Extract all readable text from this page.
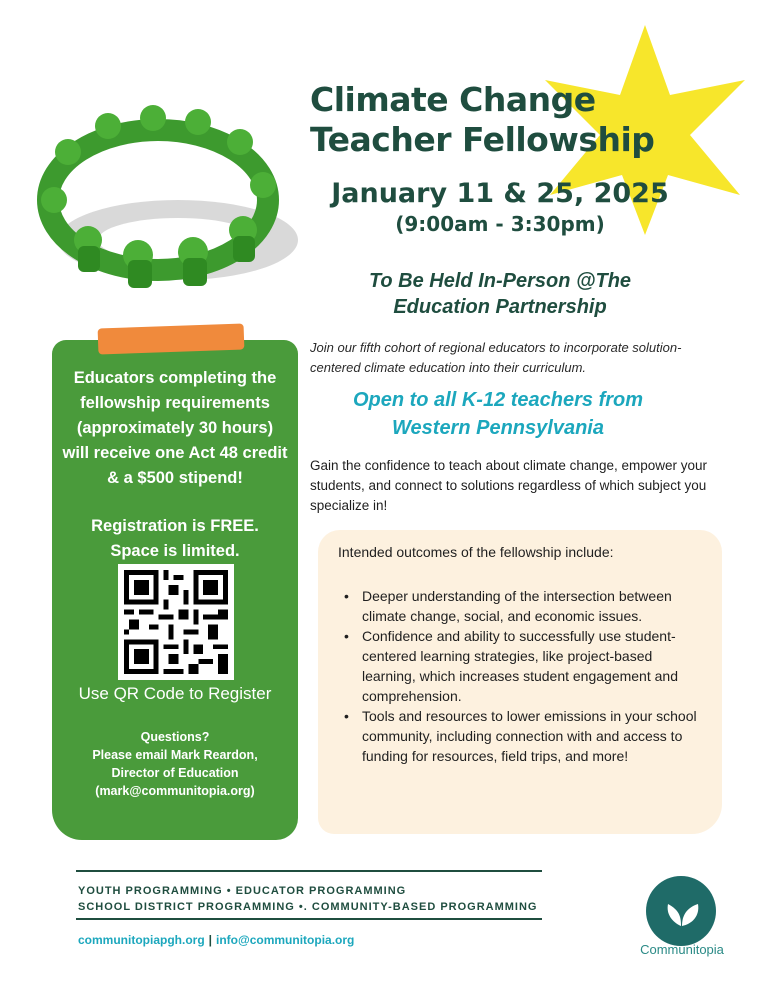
Climate Change
Teacher Fellowship
January 11 & 25, 2025
(9:00am - 3:30pm)
To Be Held In-Person @The
Education Partnership
Educators completing the fellowship requirements (approximately 30 hours) will receive one Act 48 credit & a $500 stipend!
Registration is FREE.
Space is limited.
Use QR Code to Register
Questions?
Please email Mark Reardon,
Director of Education
(mark@communitopia.org)
Join our fifth cohort of regional educators to incorporate solution-centered climate education into their curriculum.
Open to all K-12 teachers from
Western Pennsylvania
Gain the confidence to teach about climate change, empower your students, and connect to solutions regardless of which subject you specialize in!
Intended outcomes of the fellowship include:
• Deeper understanding of the intersection between climate change, social, and economic issues.
• Confidence and ability to successfully use student-centered learning strategies, like project-based learning, which increases student engagement and comprehension.
• Tools and resources to lower emissions in your school community, including connection with and access to funding for resources, field trips, and more!
YOUTH PROGRAMMING • EDUCATOR PROGRAMMING
SCHOOL DISTRICT PROGRAMMING •. COMMUNITY-BASED PROGRAMMING
communitopiapgh.org | info@communitopia.org
Communitopia
